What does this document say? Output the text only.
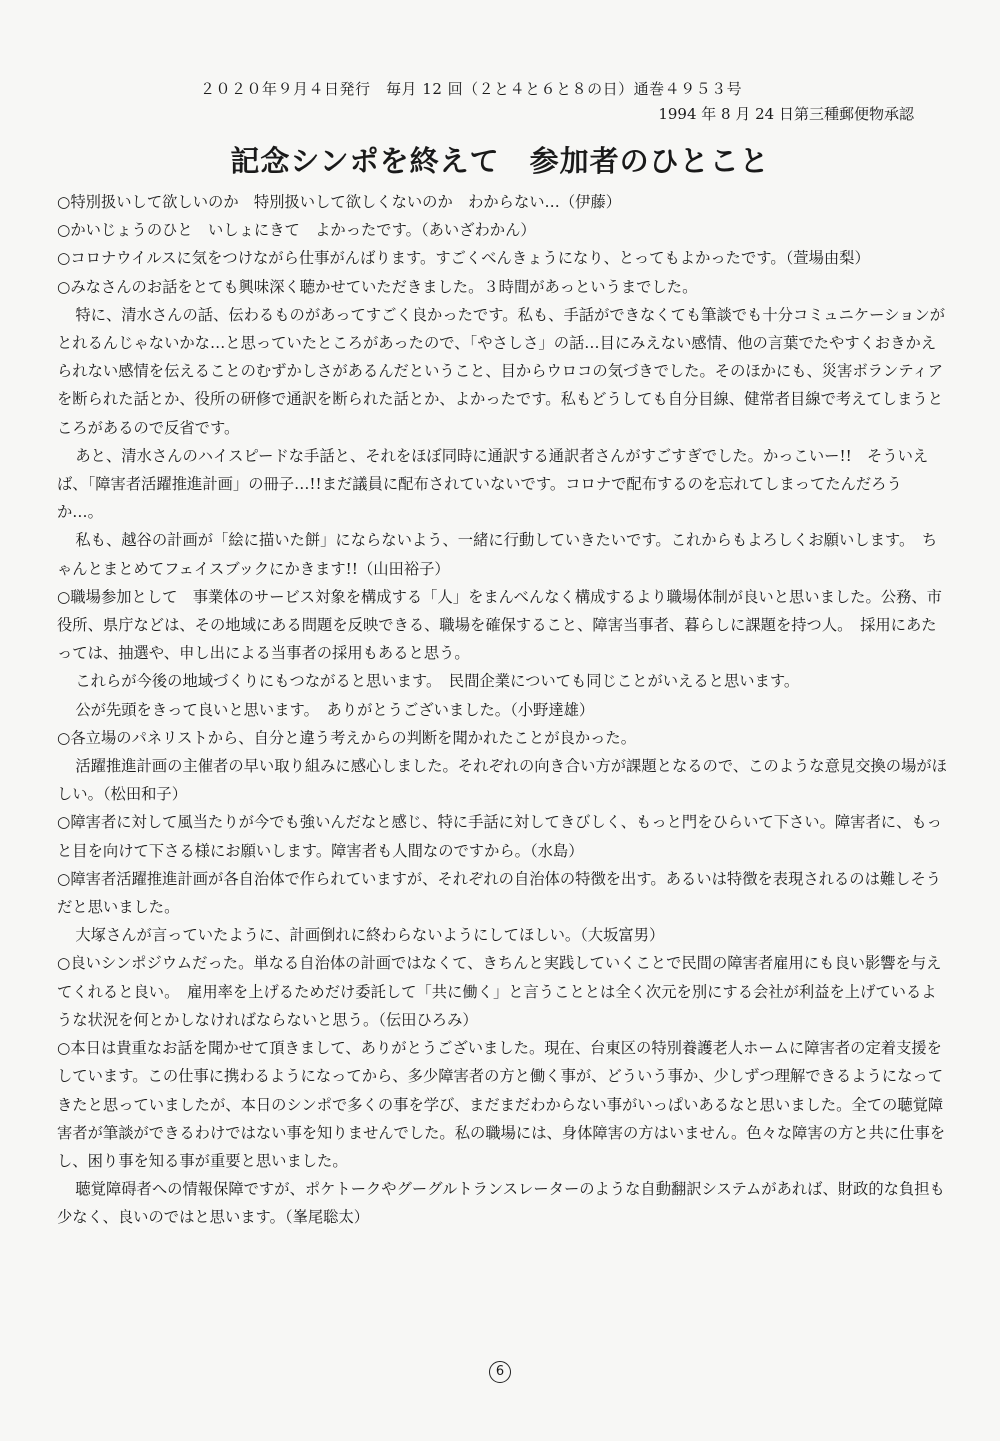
２０２０年９月４日発行　毎月 12 回（２と４と６と８の日）通巻４９５３号
1994 年 8 月 24 日第三種郵便物承認
記念シンポを終えて　参加者のひとこと

○特別扱いして欲しいのか　特別扱いして欲しくないのか　わからない…（伊藤）

○かいじょうのひと　いしょにきて　よかったです。（あいざわかん）

○コロナウイルスに気をつけながら仕事がんばります。すごくべんきょうになり、とってもよかったです。（萱場由梨）

○みなさんのお話をとても興味深く聴かせていただきました。３時間があっというまでした。

特に、清水さんの話、伝わるものがあってすごく良かったです。私も、手話ができなくても筆談でも十分コミュニケーションがとれるんじゃないかな…と思っていたところがあったので、「やさしさ」の話…目にみえない感情、他の言葉でたやすくおきかえられない感情を伝えることのむずかしさがあるんだということ、目からウロコの気づきでした。そのほかにも、災害ボランティアを断られた話とか、役所の研修で通訳を断られた話とか、よかったです。私もどうしても自分目線、健常者目線で考えてしまうところがあるので反省です。

あと、清水さんのハイスピードな手話と、それをほぼ同時に通訳する通訳者さんがすごすぎでした。かっこいー!!　そういえば、「障害者活躍推進計画」の冊子…!!まだ議員に配布されていないです。コロナで配布するのを忘れてしまってたんだろうか…。

私も、越谷の計画が「絵に描いた餅」にならないよう、一緒に行動していきたいです。これからもよろしくお願いします。　ちゃんとまとめてフェイスブックにかきます!!（山田裕子）

○職場参加として　事業体のサービス対象を構成する「人」をまんべんなく構成するより職場体制が良いと思いました。公務、市役所、県庁などは、その地域にある問題を反映できる、職場を確保すること、障害当事者、暮らしに課題を持つ人。　採用にあたっては、抽選や、申し出による当事者の採用もあると思う。

これらが今後の地域づくりにもつながると思います。　民間企業についても同じことがいえると思います。

公が先頭をきって良いと思います。　ありがとうございました。（小野達雄）

○各立場のパネリストから、自分と違う考えからの判断を聞かれたことが良かった。

活躍推進計画の主催者の早い取り組みに感心しました。それぞれの向き合い方が課題となるので、このような意見交換の場がほしい。（松田和子）

○障害者に対して風当たりが今でも強いんだなと感じ、特に手話に対してきびしく、もっと門をひらいて下さい。障害者に、もっと目を向けて下さる様にお願いします。障害者も人間なのですから。（水島）

○障害者活躍推進計画が各自治体で作られていますが、それぞれの自治体の特徴を出す。あるいは特徴を表現されるのは難しそうだと思いました。

大塚さんが言っていたように、計画倒れに終わらないようにしてほしい。（大坂富男）

○良いシンポジウムだった。単なる自治体の計画ではなくて、きちんと実践していくことで民間の障害者雇用にも良い影響を与えてくれると良い。　雇用率を上げるためだけ委託して「共に働く」と言うこととは全く次元を別にする会社が利益を上げているような状況を何とかしなければならないと思う。（伝田ひろみ）

○本日は貴重なお話を聞かせて頂きまして、ありがとうございました。現在、台東区の特別養護老人ホームに障害者の定着支援をしています。この仕事に携わるようになってから、多少障害者の方と働く事が、どういう事か、少しずつ理解できるようになってきたと思っていましたが、本日のシンポで多くの事を学び、まだまだわからない事がいっぱいあるなと思いました。全ての聴覚障害者が筆談ができるわけではない事を知りませんでした。私の職場には、身体障害の方はいません。色々な障害の方と共に仕事をし、困り事を知る事が重要と思いました。

聴覚障碍者への情報保障ですが、ポケトークやグーグルトランスレーターのような自動翻訳システムがあれば、財政的な負担も少なく、良いのではと思います。（峯尾聡太）

6
